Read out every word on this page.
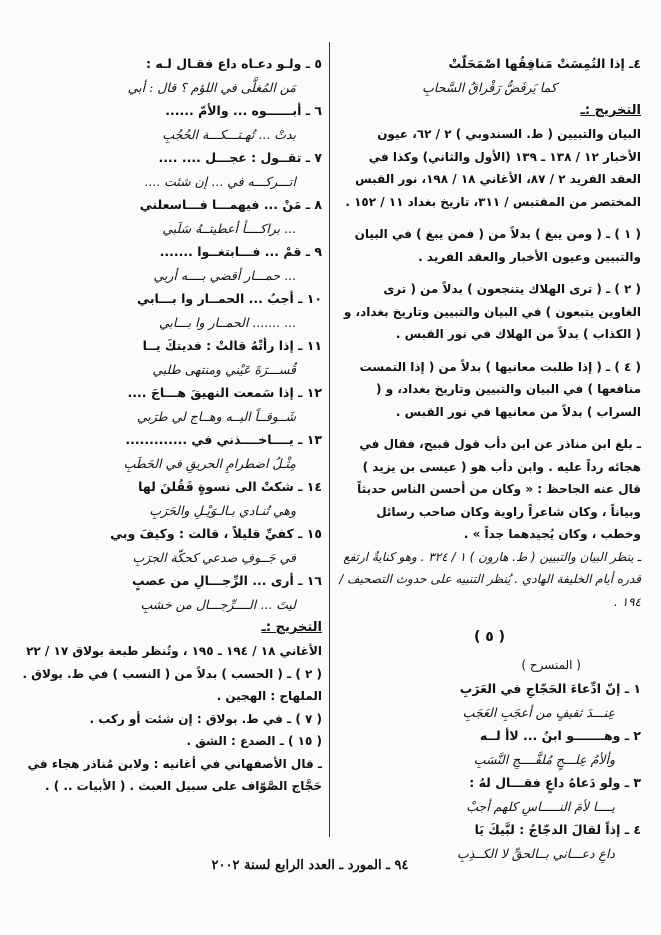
٤ـ إذا التُمِسَتْ مَنافِقُها اصْمَحَلّتْ
كما يَرفَضُّ رَقْراقُ السَّحابِ
التخريج :ـ
البيان والتبيين ( ط. السندوبي ) ٢ / ٦٢، عيون الأخبار ١٢ / ١٣٨ ـ ١٣٩ (الأول والثاني) وكذا في العقد الفريد ٢ / ٨٧، الأغاني ١٨ / ١٩٨، نور القبس المختصر من المقتبس / ٣١١، تاريخ بغداد ١١ / ١٥٢ .
( ١ ) ـ ( ومن يبغ ) بدلاً من ( فمن يبغ ) في البيان والتبيين وعيون الأخبار والعقد الفريد .
( ٢ ) ـ ( ترى الهلاك يتنجعون ) بدلاً من ( ترى الغاوين يتبعون ) في البيان والتبيين وتاريخ بغداد، و ( الكذاب ) بدلاً من الهلاك في نور القبس .
( ٤ ) ـ ( إذا طلبت معانيها ) بدلاً من ( إذا التمست منافعها ) في البيان والتبيين وتاريخ بغداد، و ( السراب ) بدلاً من معانيها في نور القبس .
ـ بلغ ابن مناذر عن ابن دأب قول قبيح، فقال في هجائه رداً عليه . وابن دأب هو ( عيسى بن يزيد ) قال عنه الجاحظ : « وكان من أحسن الناس حديثاً وبياناً ، وكان شاعراً راوية وكان صاحب رسائل وخطب ، وكان يُجيدهما جداً » .
ـ ينظر البيان والتبيين ( ط. هارون ) ١ / ٣٢٤ . وهو كنايةٌ ارتفع قدره أيام الخليفة الهادي . يُنظر التنبيه على حدوث التصحيف / ١٩٤ .
( ٥ )
( المنسرح )
١ ـ إنّ ادِّعاءَ الحَجّاجِ في العَرَبِ
عِنـــدَ ثقيفٍ من أعجَبِ العَجَبِ
٢ ـ وهـــــــو ابنُ ... لاأ لــه
وألأمُ عِلـــجٍ مُلفَّــــجِ النَّسَبِ
٣ ـ ولو دَعاهُ داعٍ فقـــال لهُ :
يــــا لأمَ النـــــاسِ كلهم أجبْ
٤ ـ إذاً لقالَ الدجّاجُ : لبَّيكَ يَا
داعِ دعـــاني بــالحقِّ لا الكــذِبِ
٥ ـ ولـو دعـاه داع فقـال لـه :
مَن المُغلَّى في اللؤم ؟ قال : أبي
٦ ـ أبــــــوه ... والأمّ ......
بدتْ ... تُهـتـــكـــة الحُجُبِ
٧ ـ تقــول : عجـــل .... ....
اتـــركـــه في ... إن شئت ....
٨ ـ مَنْ ... فيهمـــا فـــاسعلني
... براكــــأ أعطيتــهُ سَلَبي
٩ ـ قمْ ... فـــابتغــوا .......
... حمـــار أقضي بــــه أربي
١٠ ـ أجبُ ... الحمــار وا بـــابي
... ....... الحمــار وا بـــابي
١١ ـ إذا رأتْهُ قالتْ : فديتكَ يــا
قُســـرَةَ عَيْني ومنتهى طلبي
١٢ ـ إذا سَمعت النهيقَ هـــاجَ ....
شَــوقــاً اليــه وهــاج لي طرَبي
١٣ ـ يــــاخــــذني في .............
مِثْـلُ اضطرامِ الحريقِ في الحَطَبِ
١٤ ـ شكتْ الى نسوةٍ فَقُلنَ لها
وهي تُنـادي بـالـوَيْـلِ والحَرَبِ
١٥ ـ كفيِّ قليلاً ، قالت : وكيفَ وبي
في جَــوفِ صدعي كحكّة الجرَبِ
١٦ ـ أرى ... الرِّجـــالِ من عصبٍ
ليتَ ... الــــرِّجـــال من خشبِ
التخريج :ـ
الأغاني ١٨ / ١٩٤ ـ ١٩٥ ، وتُنظر طبعة بولاق ١٧ / ٢٢
( ٢ ) ـ ( الحسب ) بدلاً من ( النسب ) في ط. بولاق .
الملهاج : الهجين .
( ٧ ) ـ في ط. بولاق : إن شئت أو ركب .
( ١٥ ) ـ الصدع : الشق .
ـ قال الأصفهاني في أغانيه : ولابن مُناذر هجاء في حَجَّاج الصَّوّاف على سبيل العبث . ( الأبيات .. ) .
٩٤ ـ المورد ـ العدد الرابع لسنة ٢٠٠٢
